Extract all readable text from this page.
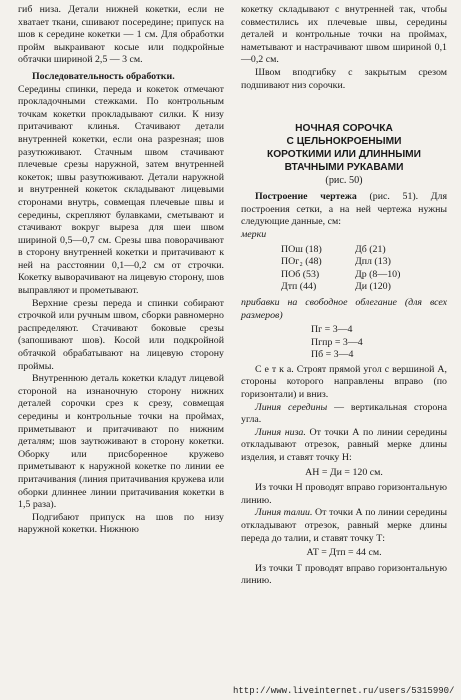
гиб низа. Детали нижней кокетки, если не хватает ткани, сшивают посередине; припуск на шов к середине кокетки — 1 см. Для обработки пройм выкраивают косые или подкройные обтачки шириной 2,5 — 3 см.

Последовательность обработки.

Середины спинки, переда и кокеток отмечают прокладочными стежками. По контрольным точкам кокетки прокладывают силки. К низу притачивают клинья. Стачивают детали внутренней кокетки, если она разрезная; шов разутюживают. Стачным швом стачивают плечевые срезы наружной, затем внутренней кокеток; швы разутюживают. Детали наружной и внутренней кокеток складывают лицевыми сторонами внутрь, совмещая плечевые швы и середины, скрепляют булавками, сметывают и стачивают вокруг выреза для шеи швом шириной 0,5—0,7 см. Срезы шва поворачивают в сторону внутренней кокетки и притачивают к ней на расстоянии 0,1—0,2 см от строчки. Кокетку выворачивают на лицевую сторону, шов выправляют и прометывают.

Верхние срезы переда и спинки собирают строчкой или ручным швом, сборки равномерно распределяют. Стачивают боковые срезы (запошивают шов). Косой или подкройной обтачкой обрабатывают на лицевую сторону проймы.

Внутреннюю деталь кокетки кладут лицевой стороной на изнаночную сторону нижних деталей сорочки срез к срезу, совмещая середины и контрольные точки на проймах, приметывают и притачивают по нижним деталям; шов заутюживают в сторону кокетки. Оборку или присборенное кружево приметывают к наружной кокетке по линии ее притачивания (линия притачивания кружева или оборки длиннее линии притачивания кокетки в 1,5 раза).

Подгибают припуск на шов по низу наружной кокетки. Нижнюю

кокетку складывают с внутренней так, чтобы совместились их плечевые швы, середины деталей и контрольные точки на проймах, наметывают и настрачивают швом шириной 0,1—0,2 см.

Швом вподгибку с закрытым срезом подшивают низ сорочки.

НОЧНАЯ СОРОЧКА
С ЦЕЛЬНОКРОЕНЫМИ
КОРОТКИМИ ИЛИ ДЛИННЫМИ
ВТАЧНЫМИ РУКАВАМИ
(рис. 50)

Построение чертежа (рис. 51). Для построения сетки, а на ней чертежа нужны следующие данные, см:

мерки

ПОш (18)	Дб (21)
ПОг₂ (48)	Дпл (13)
ПОб (53)	Др (8—10)
Дтп (44)	Ди (120)

прибавки на свободное облегание (для всех размеров)

Пг = 3—4
Пгпр = 3—4
Пб = 3—4

С е т к а. Строят прямой угол с вершиной А, стороны которого направлены вправо (по горизонтали) и вниз.

Линия середины — вертикальная сторона угла.

Линия низа. От точки А по линии середины откладывают отрезок, равный мерке длины изделия, и ставят точку Н:

АН = Ди = 120 см.

Из точки Н проводят вправо горизонтальную линию.

Линия талии. От точки А по линии середины откладывают отрезок, равный мерке длины переда до талии, и ставят точку Т:

АТ = Дтп = 44 см.

Из точки Т проводят вправо горизонтальную линию.

http://www.liveinternet.ru/users/5315990/
